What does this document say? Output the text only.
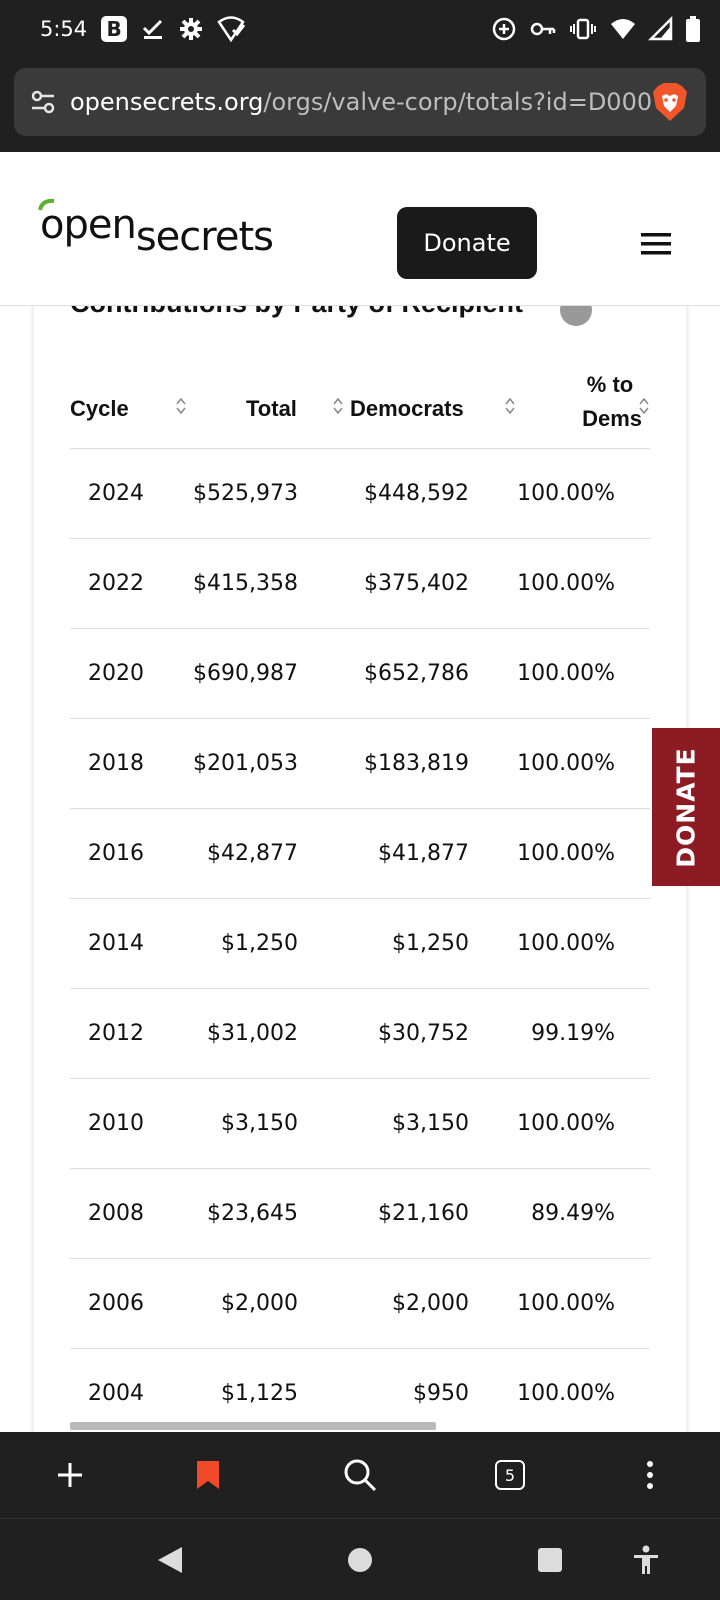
5:54 B
opensecrets.org/orgs/valve-corp/totals?id=D000
opensecrets	Donate
Cycle	Total Democrats
% to
Dems
2024 $525,973	$448,592 100.00%
2022 $415,358	$375,402 100.00%
2020 $690,987	$652,786 100.00%
2018 $201,053	$183,819 100.00%
2016	$42,877	$41,877 100.00%
2014	$1,250	$1,250 100.00%
2012	$31,002	$30,752	99.19%
2010	$3,150	$3,150 100.00%
2008	$23,645	$21,160	89.49%
2006	$2,000	$2,000 100.00%
2004	$1,125	$950 100.00%
DONATE
5
